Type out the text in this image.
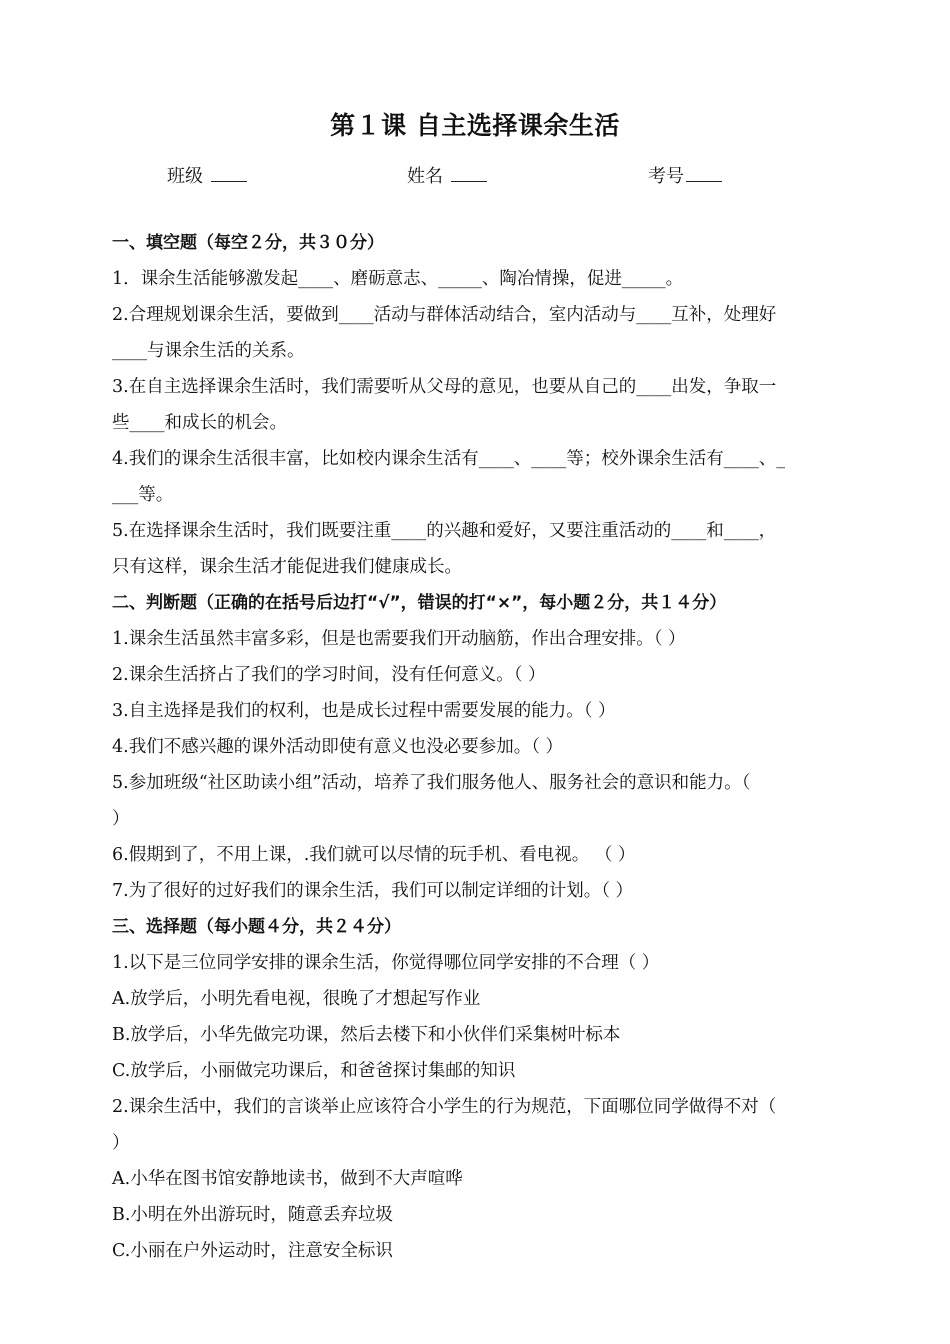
第１课 自主选择课余生活
班级	姓名	考号
一、填空题（每空２分，共３０分）
1．课余生活能够激发起____、磨砺意志、_____、陶冶情操，促进_____。
2.合理规划课余生活，要做到____活动与群体活动结合，室内活动与____互补，处理好
____与课余生活的关系。
3.在自主选择课余生活时，我们需要听从父母的意见，也要从自己的____出发，争取一
些____和成长的机会。
4.我们的课余生活很丰富，比如校内课余生活有____、____等；校外课余生活有____、_
___等。
5.在选择课余生活时，我们既要注重____的兴趣和爱好，又要注重活动的____和____，
只有这样，课余生活才能促进我们健康成长。
二、判断题（正确的在括号后边打“√”，错误的打“×”，每小题２分，共１４分）
1.课余生活虽然丰富多彩，但是也需要我们开动脑筋，作出合理安排。（ ）
2.课余生活挤占了我们的学习时间，没有任何意义。（ ）
3.自主选择是我们的权利，也是成长过程中需要发展的能力。（ ）
4.我们不感兴趣的课外活动即使有意义也没必要参加。（ ）
5.参加班级“社区助读小组”活动，培养了我们服务他人、服务社会的意识和能力。（
）
6.假期到了，不用上课，.我们就可以尽情的玩手机、看电视。 （ ）
7.为了很好的过好我们的课余生活，我们可以制定详细的计划。（ ）
三、选择题（每小题４分，共２４分）
1.以下是三位同学安排的课余生活，你觉得哪位同学安排的不合理（ ）
A.放学后，小明先看电视，很晚了才想起写作业
B.放学后，小华先做完功课，然后去楼下和小伙伴们采集树叶标本
C.放学后，小丽做完功课后，和爸爸探讨集邮的知识
2.课余生活中，我们的言谈举止应该符合小学生的行为规范，下面哪位同学做得不对（
）
A.小华在图书馆安静地读书，做到不大声喧哗
B.小明在外出游玩时，随意丢弃垃圾
C.小丽在户外运动时，注意安全标识
